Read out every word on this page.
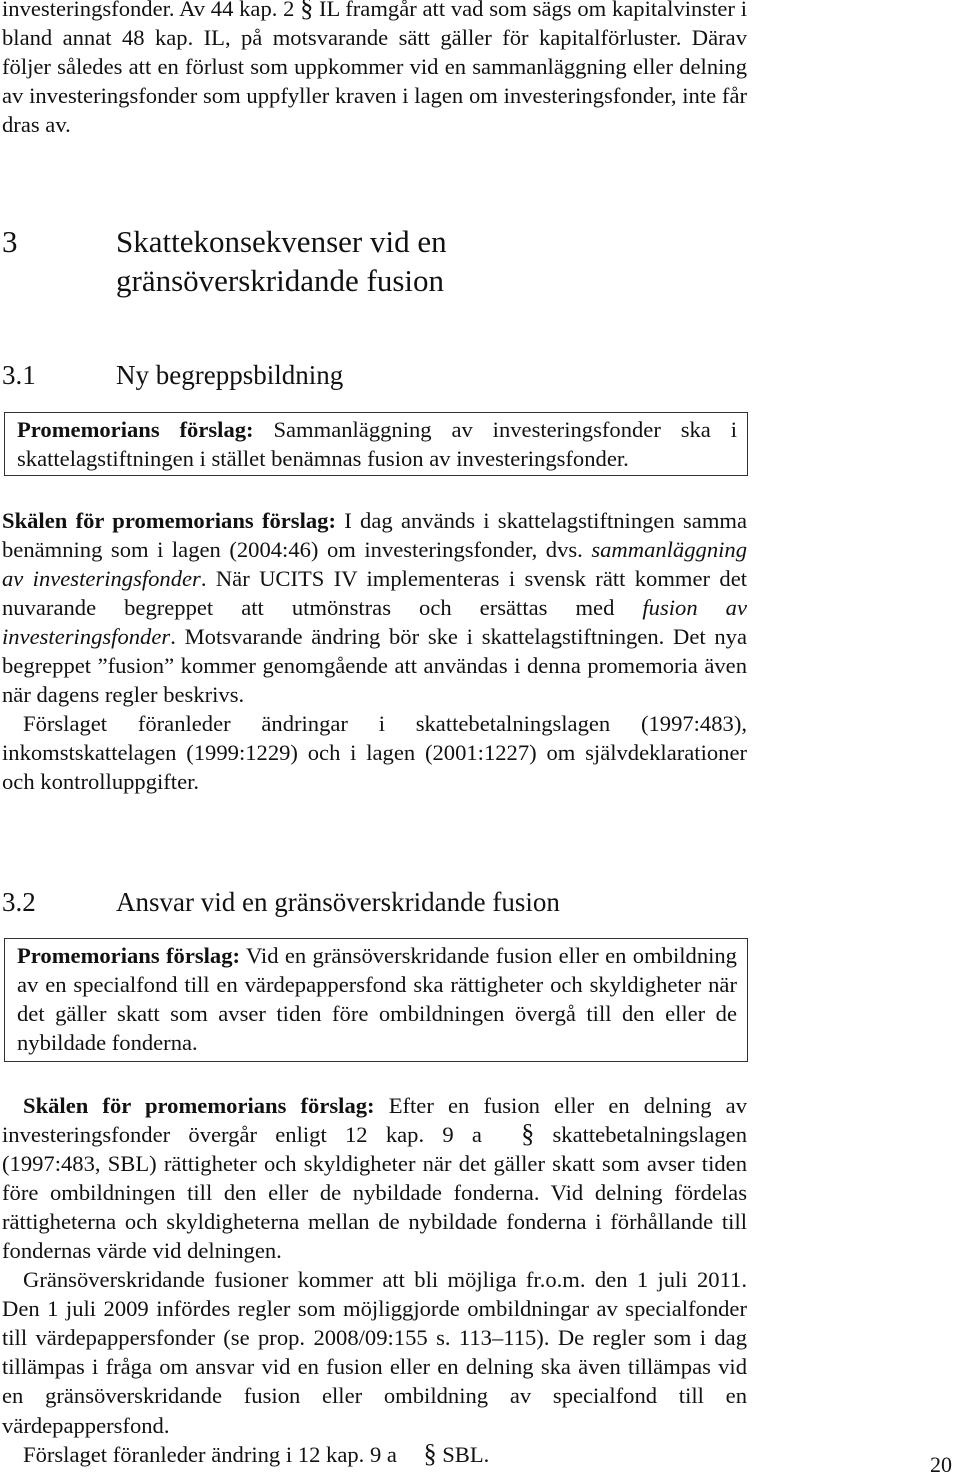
investeringsfonder. Av 44 kap. 2 § IL framgår att vad som sägs om kapitalvinster i bland annat 48 kap. IL, på motsvarande sätt gäller för kapitalförluster. Därav följer således att en förlust som uppkommer vid en sammanläggning eller delning av investeringsfonder som uppfyller kraven i lagen om investeringsfonder, inte får dras av.

3	Skattekonsekvenser vid en gränsöverskridande fusion
3.1	Ny begreppsbildning

Promemorians förslag: Sammanläggning av investeringsfonder ska i skattelagstiftningen i stället benämnas fusion av investeringsfonder.

Skälen för promemorians förslag: I dag används i skattelagstiftningen samma benämning som i lagen (2004:46) om investeringsfonder, dvs. sammanläggning av investeringsfonder. När UCITS IV implementeras i svensk rätt kommer det nuvarande begreppet att utmönstras och ersättas med fusion av investeringsfonder. Motsvarande ändring bör ske i skattelagstiftningen. Det nya begreppet ”fusion” kommer genomgående att användas i denna promemoria även när dagens regler beskrivs.

Förslaget föranleder ändringar i skattebetalningslagen (1997:483), inkomstskattelagen (1999:1229) och i lagen (2001:1227) om självdeklarationer och kontrolluppgifter.

3.2	Ansvar vid en gränsöverskridande fusion

Promemorians förslag: Vid en gränsöverskridande fusion eller en ombildning av en specialfond till en värdepappersfond ska rättigheter och skyldigheter när det gäller skatt som avser tiden före ombildningen övergå till den eller de nybildade fonderna.

Skälen för promemorians förslag: Efter en fusion eller en delning av investeringsfonder övergår enligt 12 kap. 9 a § skattebetalningslagen (1997:483, SBL) rättigheter och skyldigheter när det gäller skatt som avser tiden före ombildningen till den eller de nybildade fonderna. Vid delning fördelas rättigheterna och skyldigheterna mellan de nybildade fonderna i förhållande till fondernas värde vid delningen.

Gränsöverskridande fusioner kommer att bli möjliga fr.o.m. den 1 juli 2011. Den 1 juli 2009 infördes regler som möjliggjorde ombildningar av specialfonder till värdepappersfonder (se prop. 2008/09:155 s. 113–115). De regler som i dag tillämpas i fråga om ansvar vid en fusion eller en delning ska även tillämpas vid en gränsöverskridande fusion eller ombildning av specialfond till en värdepappersfond.

Förslaget föranleder ändring i 12 kap. 9 a § SBL.	20
